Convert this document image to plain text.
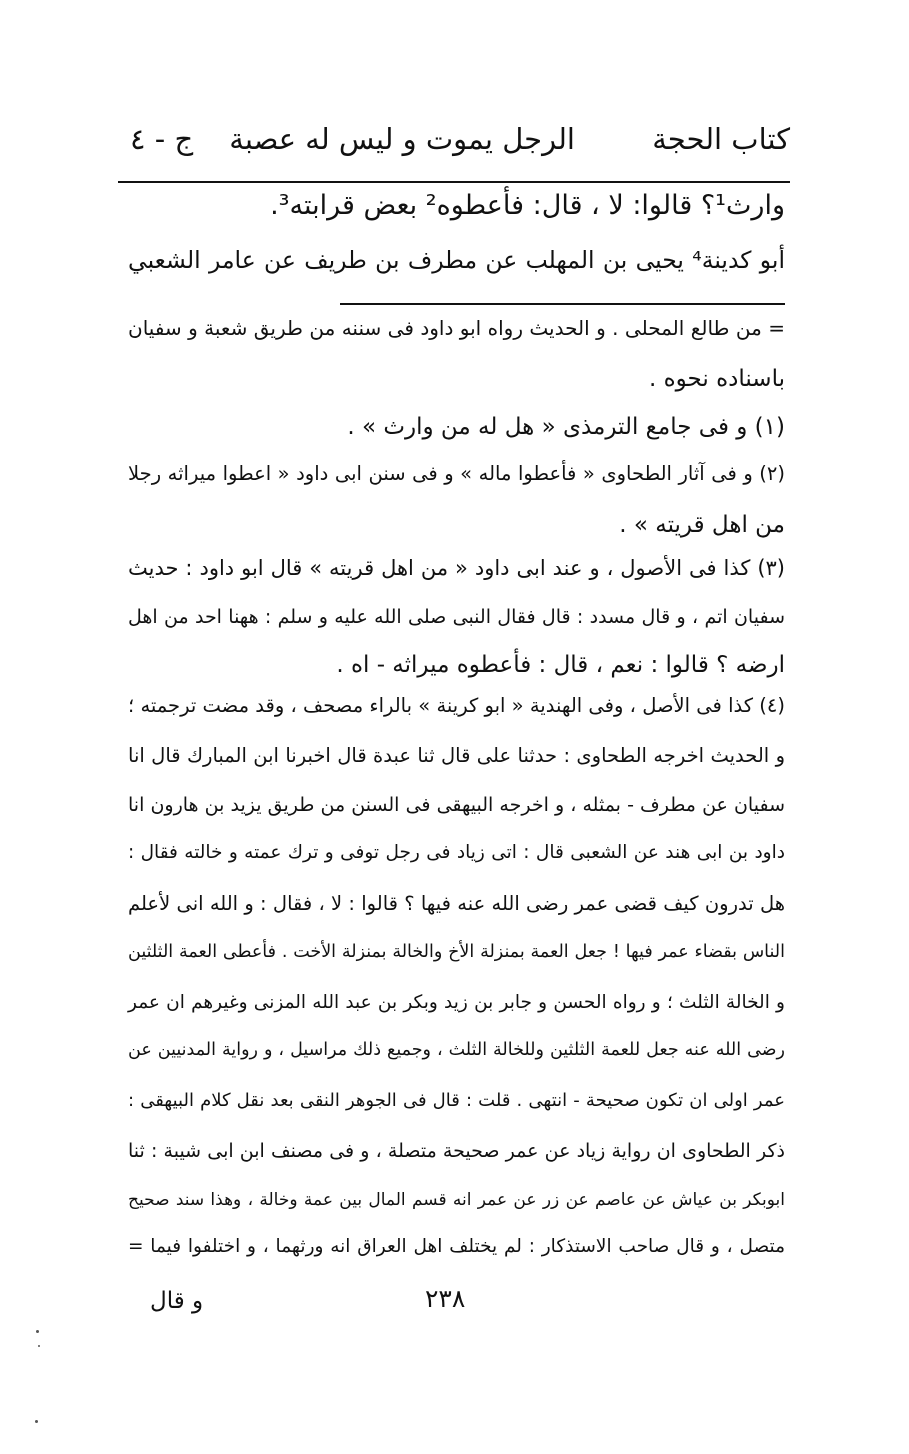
كتاب الحجة
الرجل يموت و ليس له عصبة
ج - ٤
وارث¹؟ قالوا: لا ، قال: فأعطوه² بعض قرابته³.
أبو كدينة⁴ يحيى بن المهلب عن مطرف بن طريف عن عامر الشعبي
= من طالع المحلى . و الحديث رواه ابو داود فى سننه من طريق شعبة و سفيان
باسناده نحوه .
(١) و فى جامع الترمذى « هل له من وارث » .
(٢) و فى آثار الطحاوى « فأعطوا ماله » و فى سنن ابى داود « اعطوا ميراثه رجلا
من اهل قريته » .
(٣) كذا فى الأصول ، و عند ابى داود « من اهل قريته » قال ابو داود : حديث
سفيان اتم ، و قال مسدد : قال فقال النبى صلى الله عليه و سلم : ههنا احد من اهل
ارضه ؟ قالوا : نعم ، قال : فأعطوه ميراثه - اه .
(٤) كذا فى الأصل ، وفى الهندية « ابو كرينة » بالراء مصحف ، وقد مضت ترجمته ؛
و الحديث اخرجه الطحاوى : حدثنا على قال ثنا عبدة قال اخبرنا ابن المبارك قال انا
سفيان عن مطرف - بمثله ، و اخرجه البيهقى فى السنن من طريق يزيد بن هارون انا
داود بن ابى هند عن الشعبى قال : اتى زياد فى رجل توفى و ترك عمته و خالته فقال :
هل تدرون كيف قضى عمر رضى الله عنه فيها ؟ قالوا : لا ، فقال : و الله انى لأعلم
الناس بقضاء عمر فيها ! جعل العمة بمنزلة الأخ والخالة بمنزلة الأخت . فأعطى العمة الثلثين
و الخالة الثلث ؛ و رواه الحسن و جابر بن زيد وبكر بن عبد الله المزنى وغيرهم ان عمر
رضى الله عنه جعل للعمة الثلثين وللخالة الثلث ، وجميع ذلك مراسيل ، و رواية المدنيين عن
عمر اولى ان تكون صحيحة - انتهى . قلت : قال فى الجوهر النقى بعد نقل كلام البيهقى :
ذكر الطحاوى ان رواية زياد عن عمر صحيحة متصلة ، و فى مصنف ابن ابى شيبة : ثنا
ابوبكر بن عياش عن عاصم عن زر عن عمر انه قسم المال بين عمة وخالة ، وهذا سند صحيح
متصل ، و قال صاحب الاستذكار : لم يختلف اهل العراق انه ورثهما ، و اختلفوا فيما =
٢٣٨
و قال
